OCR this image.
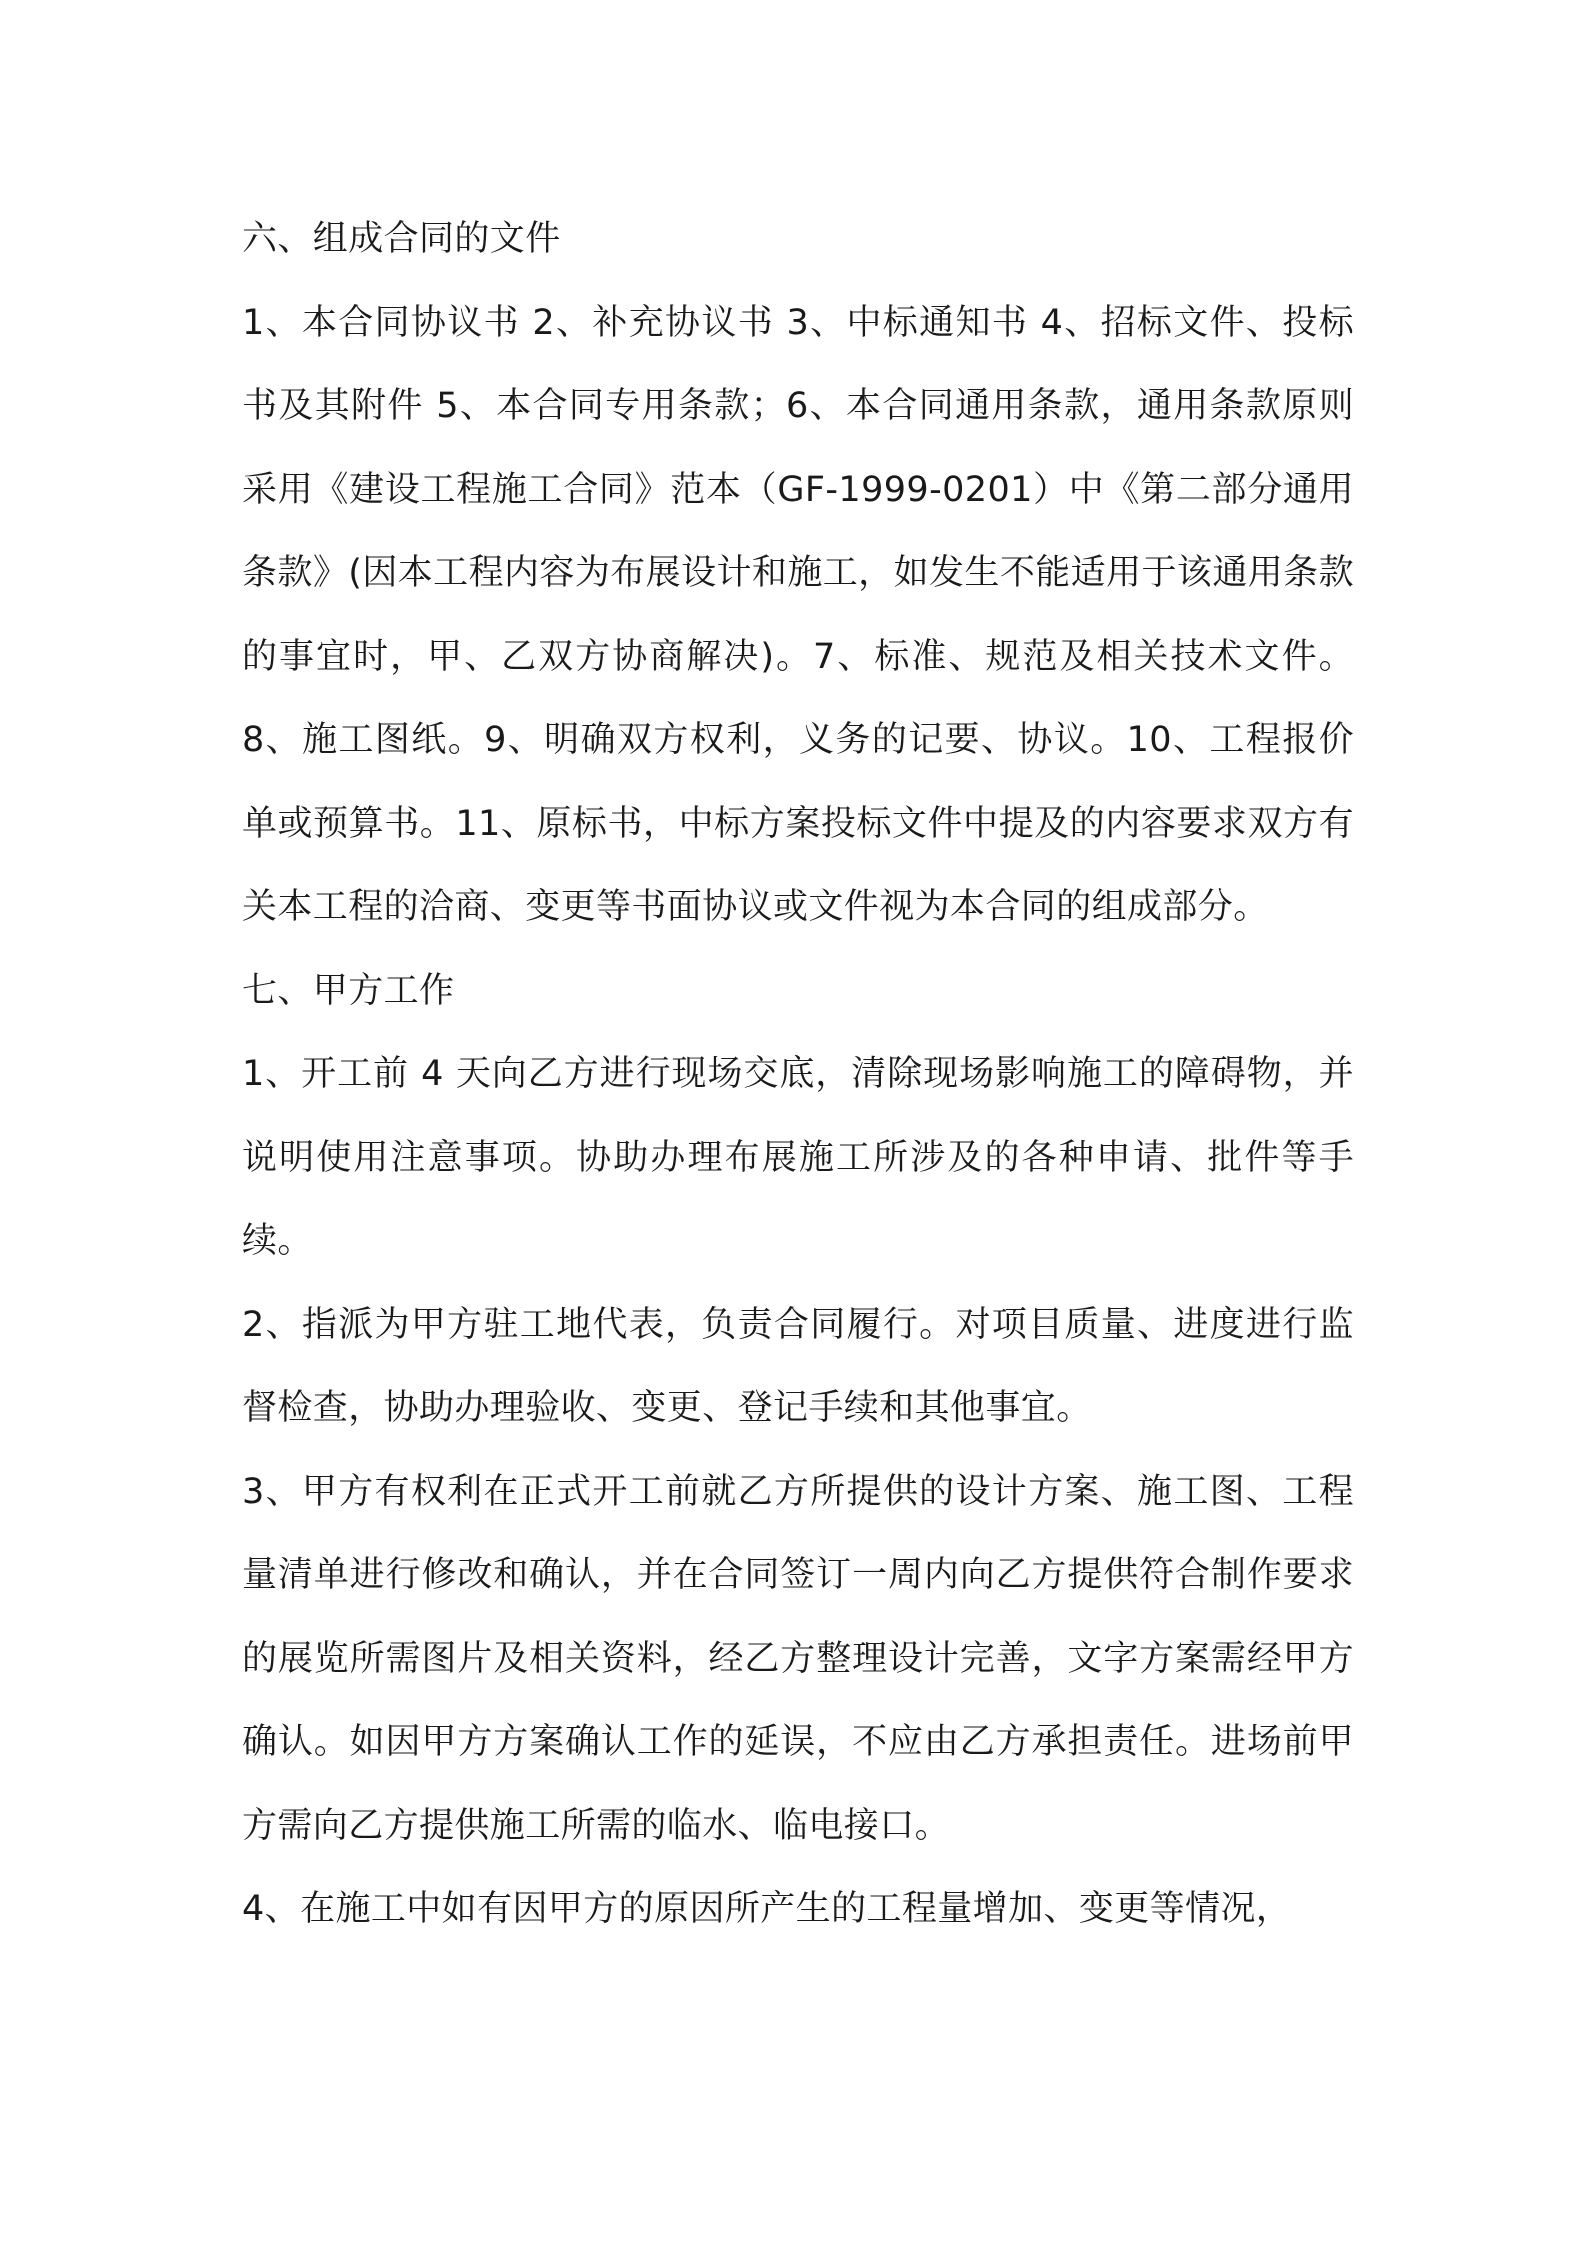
六、组成合同的文件

1、本合同协议书 2、补充协议书 3、中标通知书 4、招标文件、投标书及其附件 5、本合同专用条款；6、本合同通用条款，通用条款原则采用《建设工程施工合同》范本（GF-1999-0201）中《第二部分通用条款》(因本工程内容为布展设计和施工，如发生不能适用于该通用条款的事宜时，甲、乙双方协商解决)。7、标准、规范及相关技术文件。8、施工图纸。9、明确双方权利，义务的记要、协议。10、工程报价单或预算书。11、原标书，中标方案投标文件中提及的内容要求双方有关本工程的洽商、变更等书面协议或文件视为本合同的组成部分。

七、甲方工作

1、开工前 4 天向乙方进行现场交底，清除现场影响施工的障碍物，并说明使用注意事项。协助办理布展施工所涉及的各种申请、批件等手续。

2、指派为甲方驻工地代表，负责合同履行。对项目质量、进度进行监督检查，协助办理验收、变更、登记手续和其他事宜。

3、甲方有权利在正式开工前就乙方所提供的设计方案、施工图、工程量清单进行修改和确认，并在合同签订一周内向乙方提供符合制作要求的展览所需图片及相关资料，经乙方整理设计完善，文字方案需经甲方确认。如因甲方方案确认工作的延误，不应由乙方承担责任。进场前甲方需向乙方提供施工所需的临水、临电接口。

4、在施工中如有因甲方的原因所产生的工程量增加、变更等情况，
